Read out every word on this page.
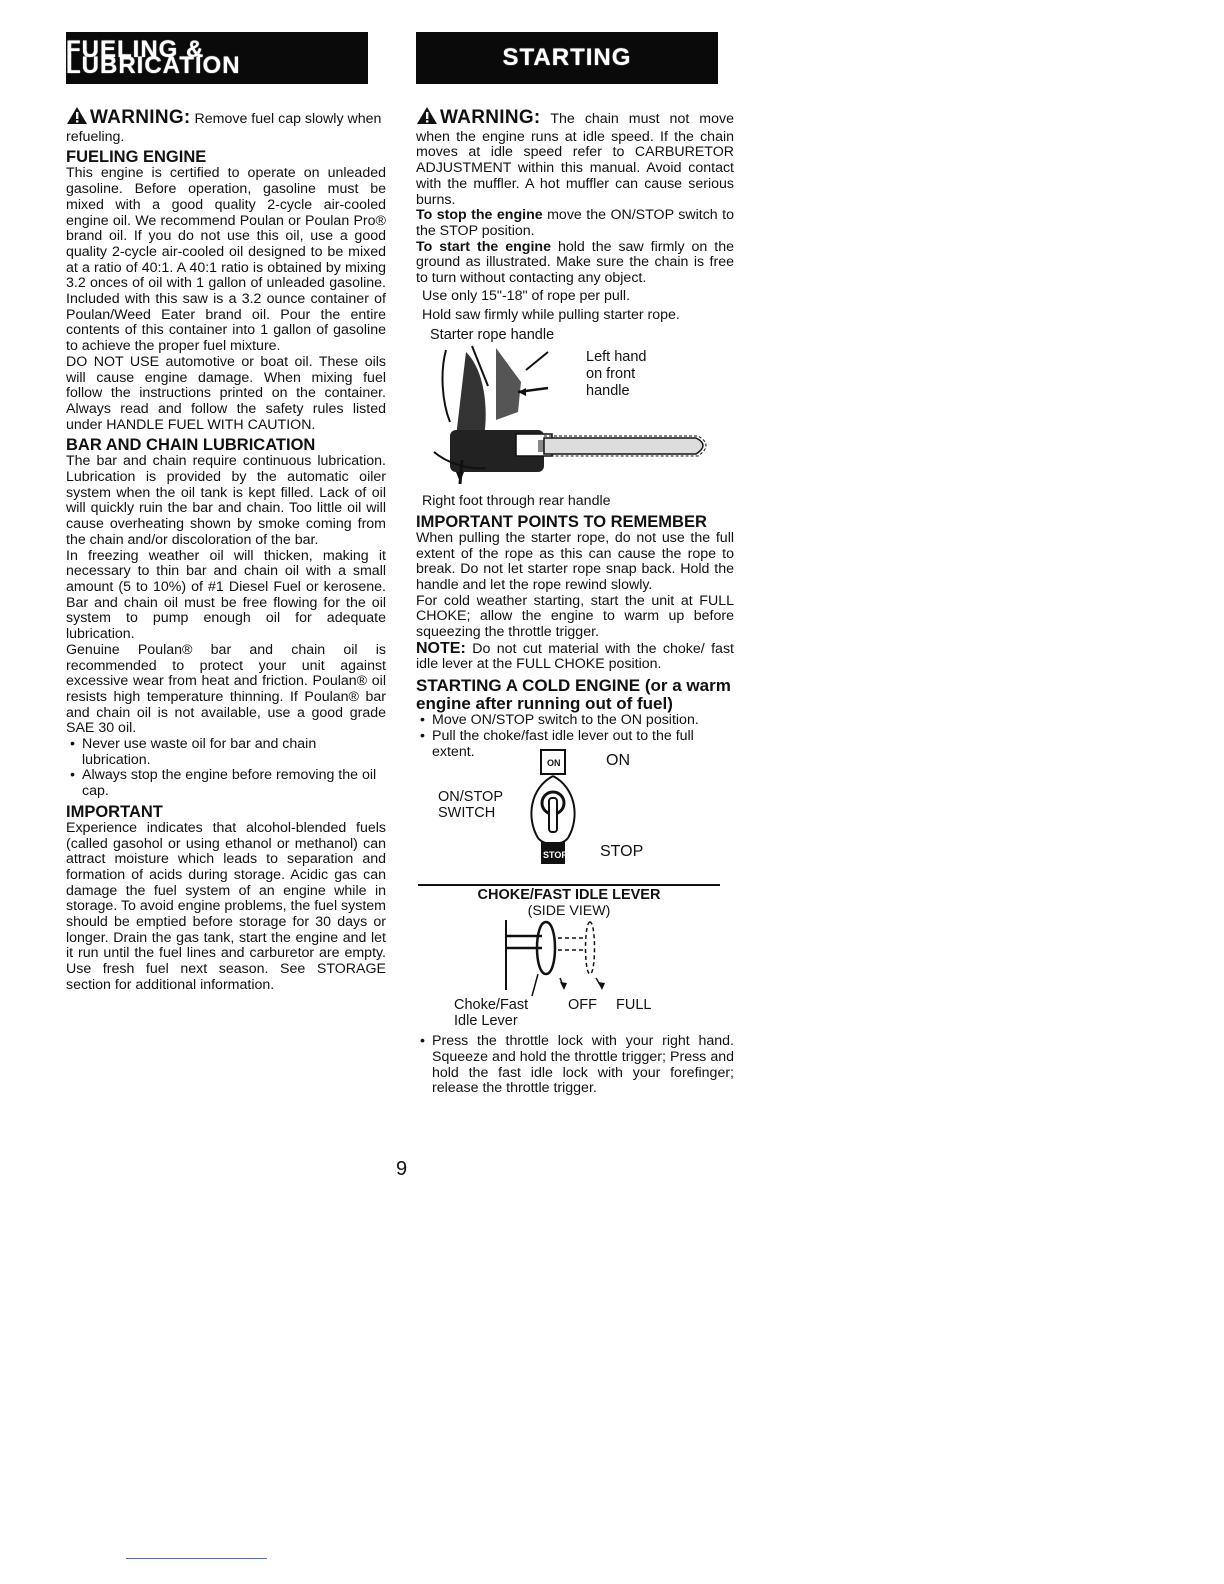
FUELING & LUBRICATION
WARNING: Remove fuel cap slowly when refueling.
FUELING ENGINE

This engine is certified to operate on unleaded gasoline. Before operation, gasoline must be mixed with a good quality 2-cycle air-cooled engine oil. We recommend Poulan or Poulan Pro® brand oil. If you do not use this oil, use a good quality 2-cycle air-cooled oil designed to be mixed at a ratio of 40:1. A 40:1 ratio is obtained by mixing 3.2 onces of oil with 1 gallon of unleaded gasoline. Included with this saw is a 3.2 ounce container of Poulan/Weed Eater brand oil. Pour the entire contents of this container into 1 gallon of gasoline to achieve the proper fuel mixture.

DO NOT USE automotive or boat oil. These oils will cause engine damage. When mixing fuel follow the instructions printed on the container. Always read and follow the safety rules listed under HANDLE FUEL WITH CAUTION.

BAR AND CHAIN LUBRICATION

The bar and chain require continuous lubrication. Lubrication is provided by the automatic oiler system when the oil tank is kept filled. Lack of oil will quickly ruin the bar and chain. Too little oil will cause overheating shown by smoke coming from the chain and/or discoloration of the bar.

In freezing weather oil will thicken, making it necessary to thin bar and chain oil with a small amount (5 to 10%) of #1 Diesel Fuel or kerosene. Bar and chain oil must be free flowing for the oil system to pump enough oil for adequate lubrication.

Genuine Poulan® bar and chain oil is recommended to protect your unit against excessive wear from heat and friction. Poulan® oil resists high temperature thinning. If Poulan® bar and chain oil is not available, use a good grade SAE 30 oil.

• Never use waste oil for bar and chain lubrication.
• Always stop the engine before removing the oil cap.
IMPORTANT

Experience indicates that alcohol-blended fuels (called gasohol or using ethanol or methanol) can attract moisture which leads to separation and formation of acids during storage. Acidic gas can damage the fuel system of an engine while in storage. To avoid engine problems, the fuel system should be emptied before storage for 30 days or longer. Drain the gas tank, start the engine and let it run until the fuel lines and carburetor are empty. Use fresh fuel next season. See STORAGE section for additional information.

STARTING
WARNING: The chain must not move when the engine runs at idle speed. If the chain moves at idle speed refer to CARBURETOR ADJUSTMENT within this manual. Avoid contact with the muffler. A hot muffler can cause serious burns.

To stop the engine move the ON/STOP switch to the STOP position.

To start the engine hold the saw firmly on the ground as illustrated. Make sure the chain is free to turn without contacting any object.

Use only 15"-18" of rope per pull.

Hold saw firmly while pulling starter rope.

Starter rope handle
Left hand
on front
handle

Right foot through rear handle

IMPORTANT POINTS TO REMEMBER

When pulling the starter rope, do not use the full extent of the rope as this can cause the rope to break. Do not let starter rope snap back. Hold the handle and let the rope rewind slowly.

For cold weather starting, start the unit at FULL CHOKE; allow the engine to warm up before squeezing the throttle trigger.

NOTE: Do not cut material with the choke/ fast idle lever at the FULL CHOKE position.

STARTING A COLD ENGINE (or a warm engine after running out of fuel)
• Move ON/STOP switch to the ON position.
• Pull the choke/fast idle lever out to the full extent.
ON	ON
ON/STOP
SWITCH
STOP STOP
CHOKE/FAST IDLE LEVER
(SIDE VIEW)
Choke/Fast
Idle Lever
OFF FULL
• Press the throttle lock with your right hand. Squeeze and hold the throttle trigger; Press and hold the fast idle lock with your forefinger; release the throttle trigger.
9
